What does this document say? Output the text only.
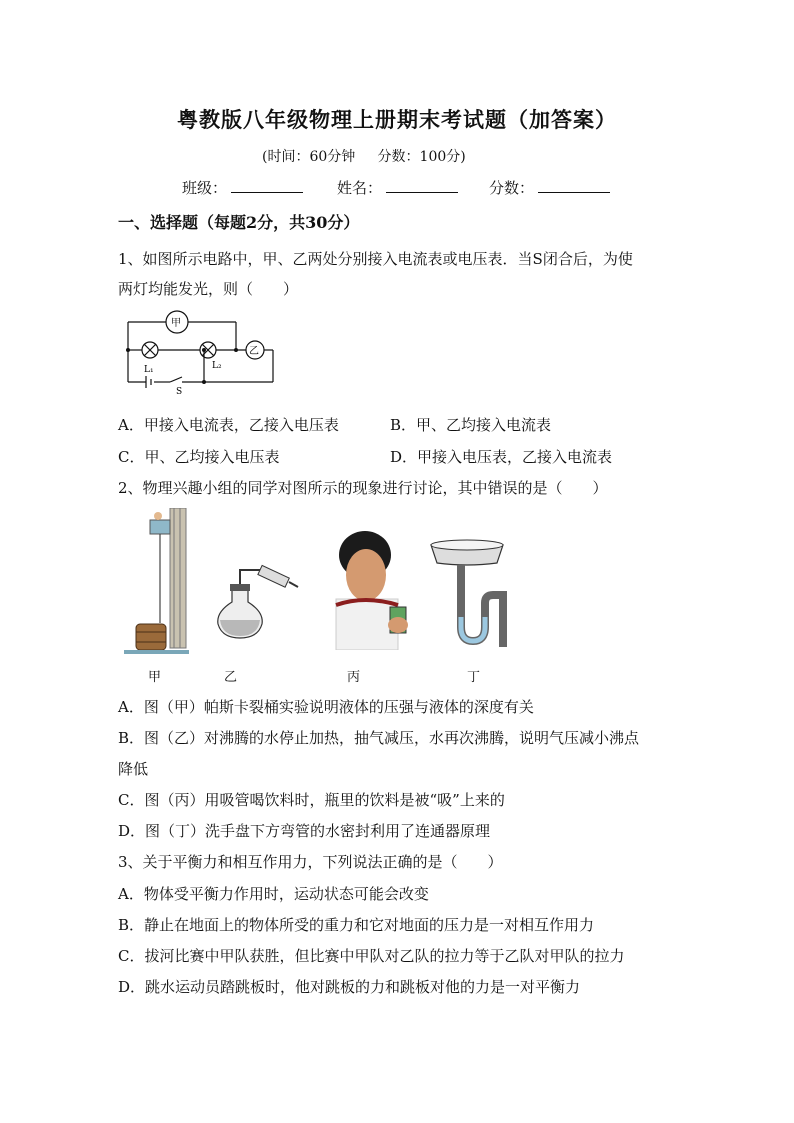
粤教版八年级物理上册期末考试题（加答案）
(时间：60分钟 分数：100分)
班级：	姓名：	分数：
一、选择题（每题2分，共30分）
1、如图所示电路中，甲、乙两处分别接入电流表或电压表．当S闭合后，为使
两灯均能发光，则（　　）
甲
乙
L₁	L₂
S
A．甲接入电流表，乙接入电压表	B．甲、乙均接入电流表
C．甲、乙均接入电压表	D．甲接入电压表，乙接入电流表
2、物理兴趣小组的同学对图所示的现象进行讨论，其中错误的是（　　）
甲	乙	丙	丁
A．图（甲）帕斯卡裂桶实验说明液体的压强与液体的深度有关
B．图（乙）对沸腾的水停止加热，抽气减压，水再次沸腾，说明气压减小沸点
降低
C．图（丙）用吸管喝饮料时，瓶里的饮料是被“吸”上来的
D．图（丁）洗手盘下方弯管的水密封利用了连通器原理
3、关于平衡力和相互作用力，下列说法正确的是（　　）
A．物体受平衡力作用时，运动状态可能会改变
B．静止在地面上的物体所受的重力和它对地面的压力是一对相互作用力
C．拔河比赛中甲队获胜，但比赛中甲队对乙队的拉力等于乙队对甲队的拉力
D．跳水运动员踏跳板时，他对跳板的力和跳板对他的力是一对平衡力
